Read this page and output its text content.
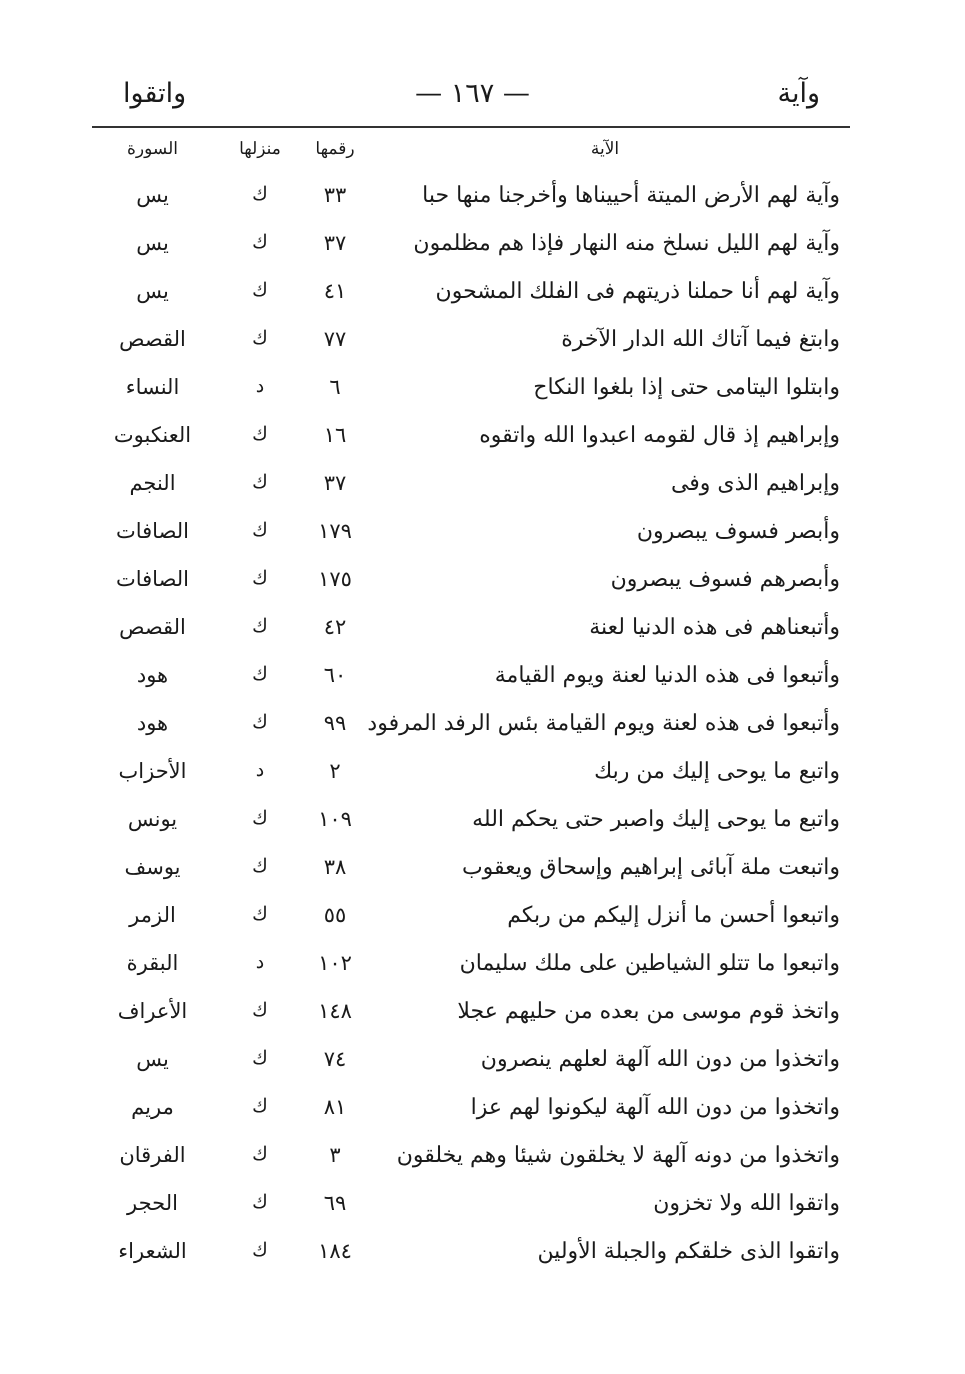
وآية
— ١٦٧ —
واتقوا
الآية
رقمها
منزلها
السورة
وآية لهم الأرض الميتة أحييناها وأخرجنا منها حبا
٣٣
ك
يس
وآية لهم الليل نسلخ منه النهار فإذا هم مظلمون
٣٧
ك
يس
وآية لهم أنا حملنا ذريتهم فى الفلك المشحون
٤١
ك
يس
وابتغ فيما آتاك الله الدار الآخرة
٧٧
ك
القصص
وابتلوا اليتامى حتى إذا بلغوا النكاح
٦
د
النساء
وإبراهيم إذ قال لقومه اعبدوا الله واتقوه
١٦
ك
العنكبوت
وإبراهيم الذى وفى
٣٧
ك
النجم
وأبصر فسوف يبصرون
١٧٩
ك
الصافات
وأبصرهم فسوف يبصرون
١٧٥
ك
الصافات
وأتبعناهم فى هذه الدنيا لعنة
٤٢
ك
القصص
وأتبعوا فى هذه الدنيا لعنة ويوم القيامة
٦٠
ك
هود
وأتبعوا فى هذه لعنة ويوم القيامة بئس الرفد المرفود
٩٩
ك
هود
واتبع ما يوحى إليك من ربك
٢
د
الأحزاب
واتبع ما يوحى إليك واصبر حتى يحكم الله
١٠٩
ك
يونس
واتبعت ملة آبائى إبراهيم وإسحاق ويعقوب
٣٨
ك
يوسف
واتبعوا أحسن ما أنزل إليكم من ربكم
٥٥
ك
الزمر
واتبعوا ما تتلو الشياطين على ملك سليمان
١٠٢
د
البقرة
واتخذ قوم موسى من بعده من حليهم عجلا
١٤٨
ك
الأعراف
واتخذوا من دون الله آلهة لعلهم ينصرون
٧٤
ك
يس
واتخذوا من دون الله آلهة ليكونوا لهم عزا
٨١
ك
مريم
واتخذوا من دونه آلهة لا يخلقون شيئا وهم يخلقون
٣
ك
الفرقان
واتقوا الله ولا تخزون
٦٩
ك
الحجر
واتقوا الذى خلقكم والجبلة الأولين
١٨٤
ك
الشعراء
